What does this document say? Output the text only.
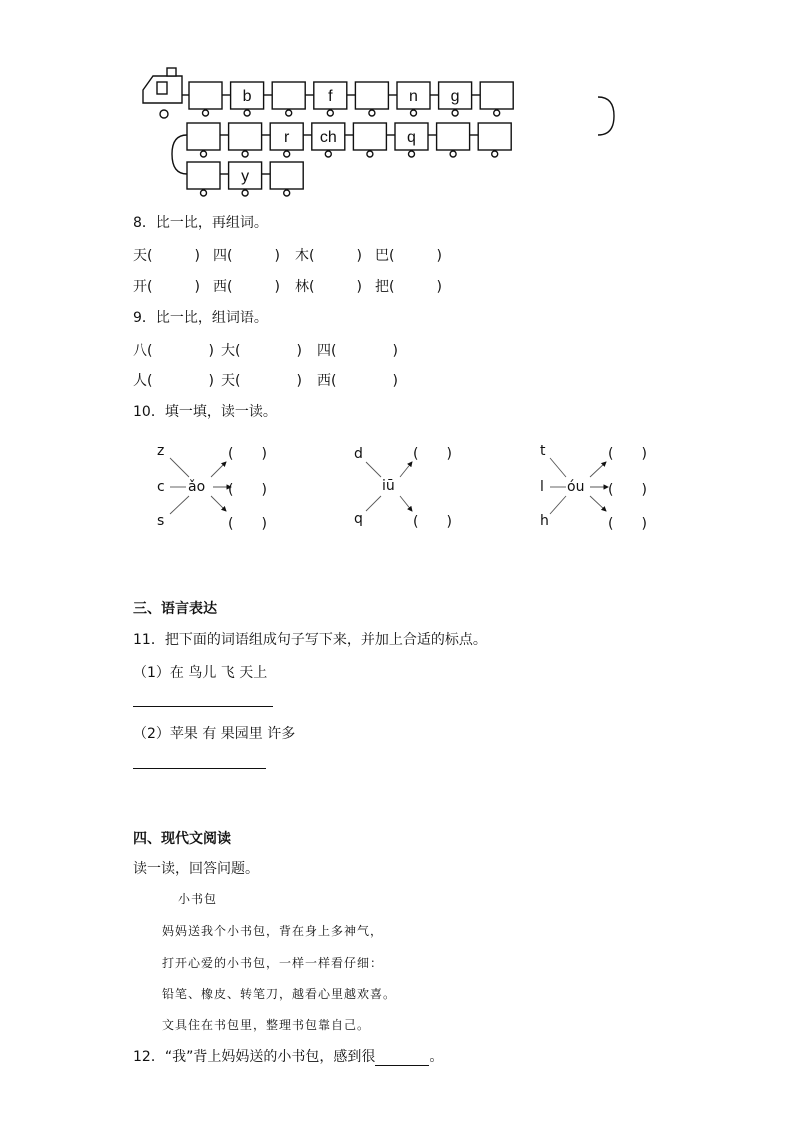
b	f	n g
r ch	q
y
8．比一比，再组词。
天(　　　) 四(　　　) 木(　　　) 巴(　　　)
开(　　　) 西(　　　) 林(　　　) 把(　　　)
9．比一比，组词语。
八(　　　　) 大(　　　　) 四(　　　　)
人(　　　　) 天(　　　　) 西(　　　　)
10．填一填，读一读。
z
c
s
ǎo
(　　)
(　　)
(　　)
d
q
iū
(　　)
(　　)
t
l
h
óu
(　　)
(　　)
(　　)
三、语言表达
11．把下面的词语组成句子写下来，并加上合适的标点。
（1）在 鸟儿 飞 天上
（2）苹果 有 果园里 许多
四、现代文阅读
读一读，回答问题。
小书包
妈妈送我个小书包，背在身上多神气，
打开心爱的小书包，一样一样看仔细：
铅笔、橡皮、转笔刀，越看心里越欢喜。
文具住在书包里，整理书包靠自己。
12．“我”背上妈妈送的小书包，感到很	。
